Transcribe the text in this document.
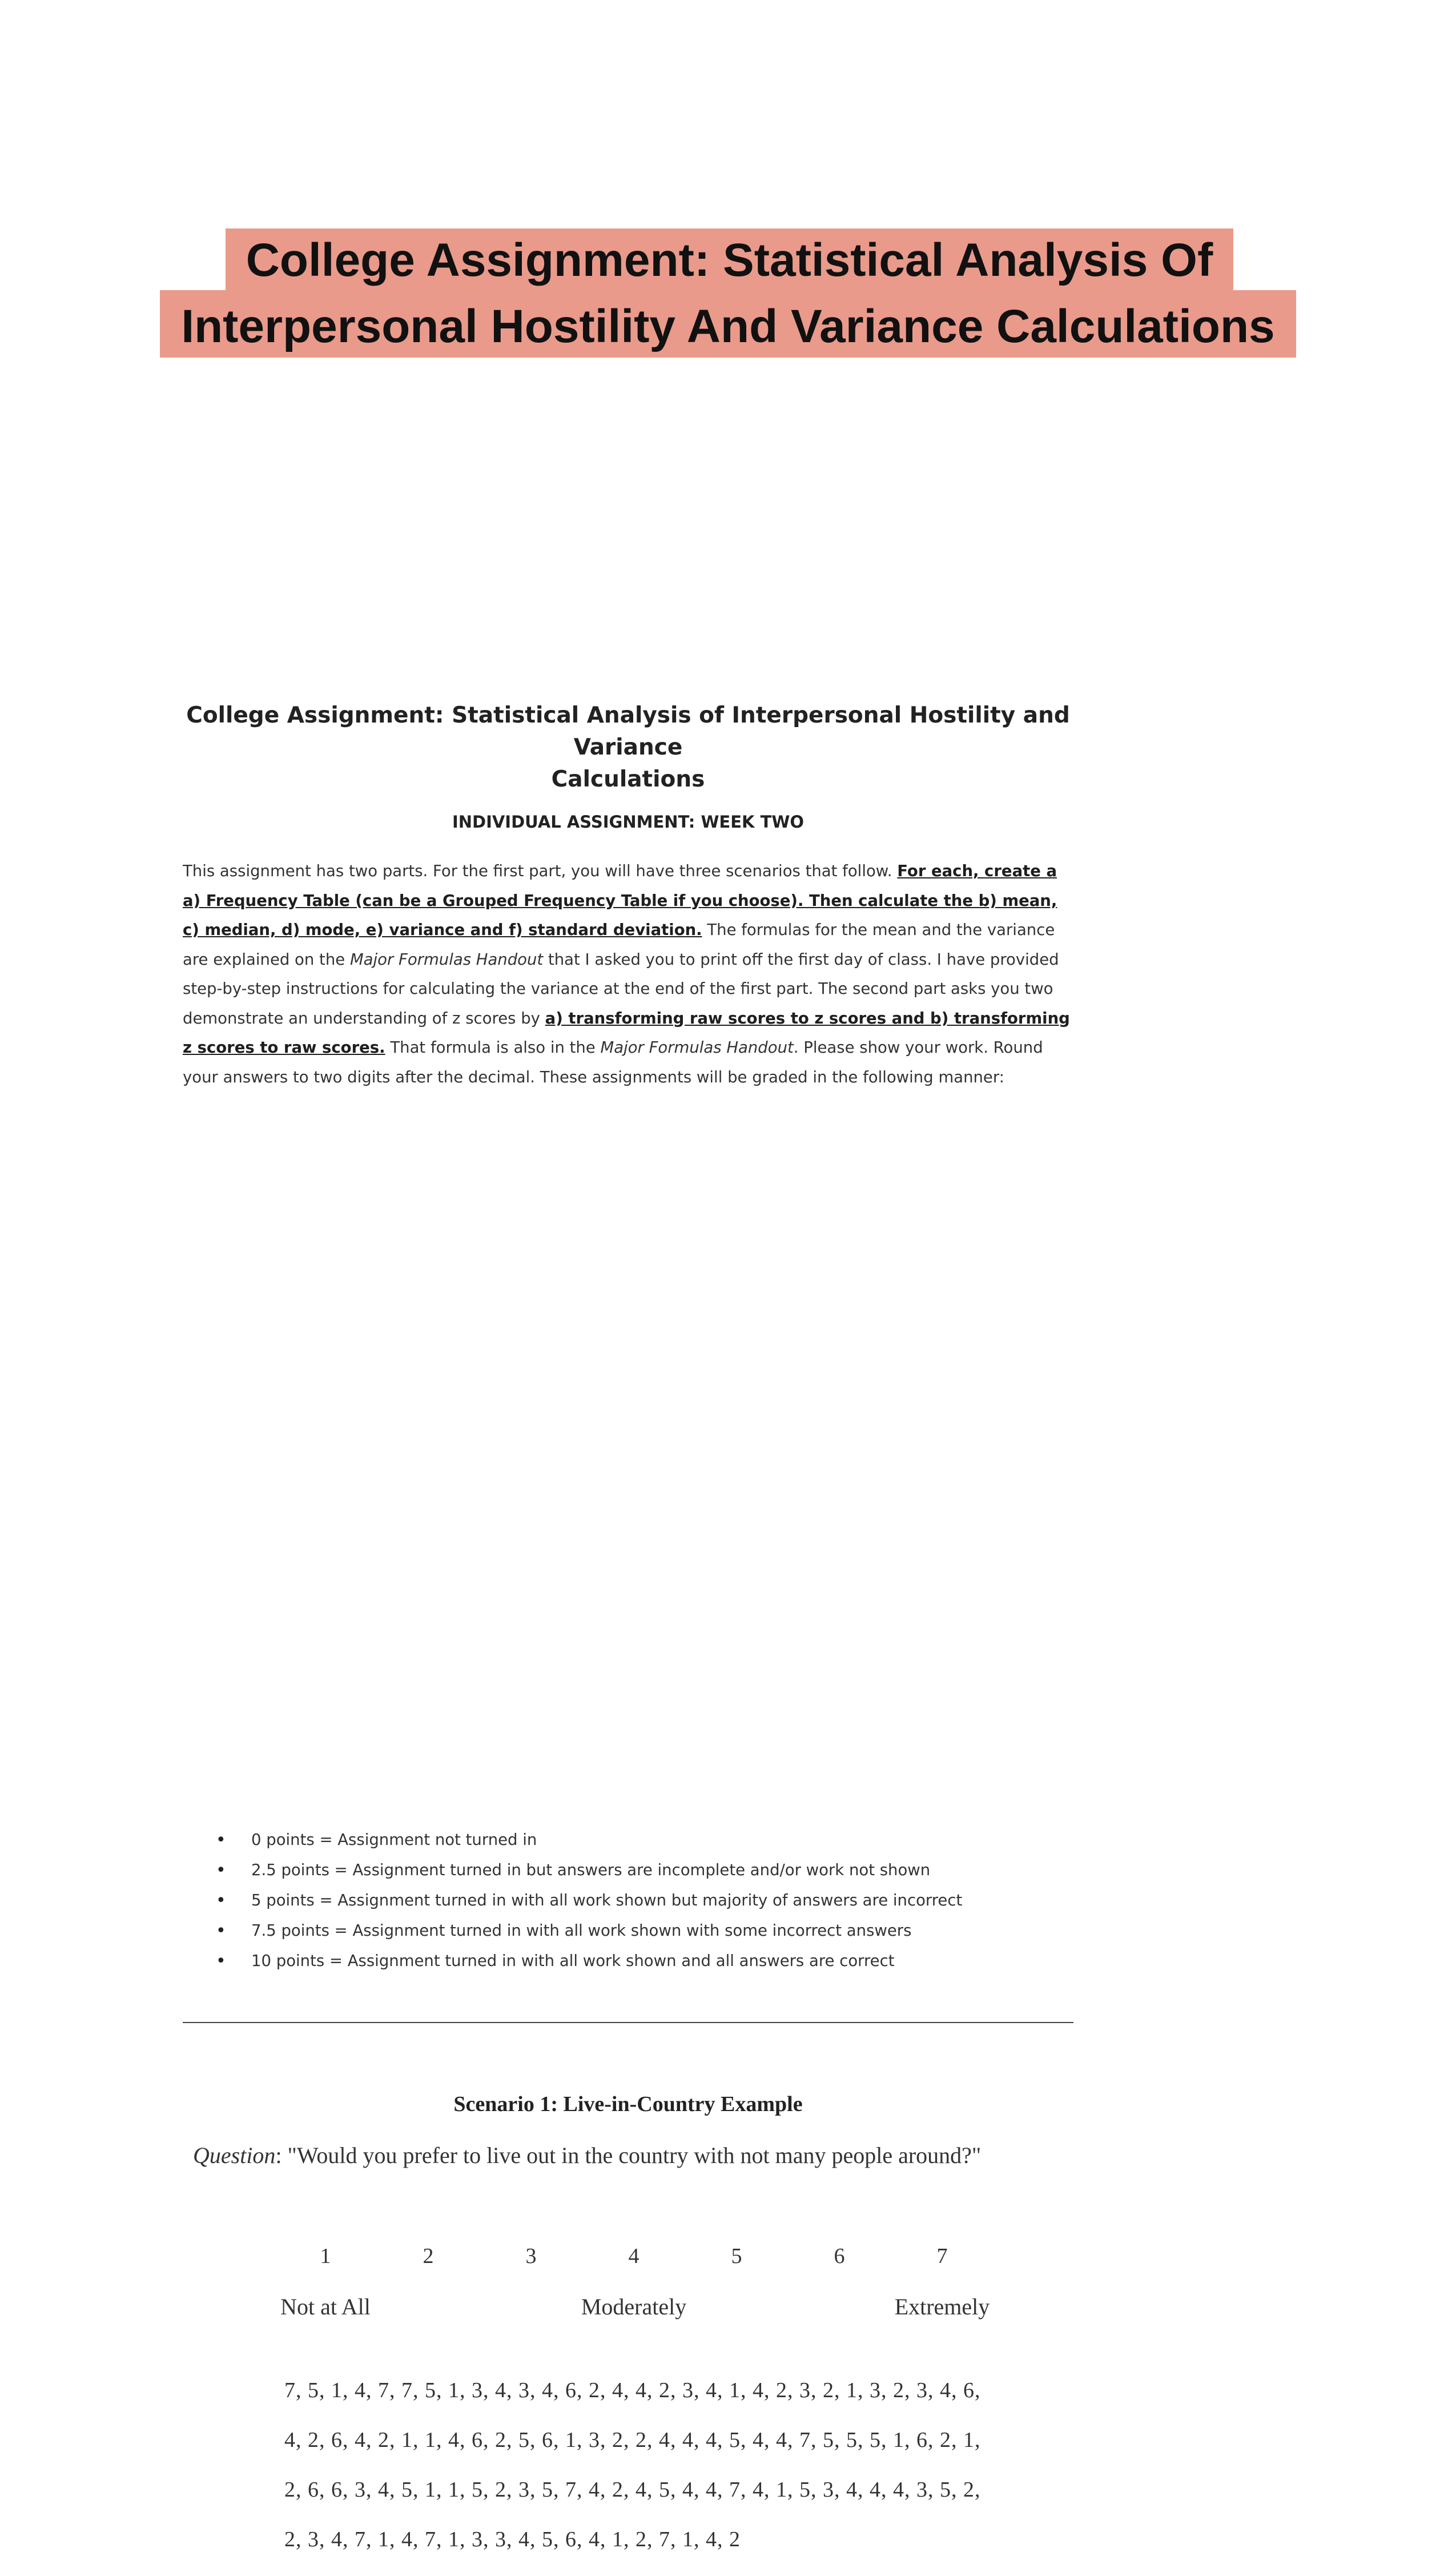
College Assignment: Statistical Analysis Of
Interpersonal Hostility And Variance Calculations
College Assignment: Statistical Analysis of Interpersonal Hostility and Variance
Calculations
INDIVIDUAL ASSIGNMENT: WEEK TWO
This assignment has two parts. For the first part, you will have three scenarios that follow. For each, create a a) Frequency Table (can be a Grouped Frequency Table if you choose). Then calculate the b) mean, c) median, d) mode, e) variance and f) standard deviation. The formulas for the mean and the variance are explained on the Major Formulas Handout that I asked you to print off the first day of class. I have provided step-by-step instructions for calculating the variance at the end of the first part. The second part asks you two demonstrate an understanding of z scores by a) transforming raw scores to z scores and b) transforming z scores to raw scores. That formula is also in the Major Formulas Handout. Please show your work. Round your answers to two digits after the decimal. These assignments will be graded in the following manner:
• 0 points = Assignment not turned in
• 2.5 points = Assignment turned in but answers are incomplete and/or work not shown
• 5 points = Assignment turned in with all work shown but majority of answers are incorrect
• 7.5 points = Assignment turned in with all work shown with some incorrect answers
• 10 points = Assignment turned in with all work shown and all answers are correct
Scenario 1: Live-in-Country Example
Question: "Would you prefer to live out in the country with not many people around?"
1	2	3	4	5	6	7
Not at All	Moderately	Extremely
7, 5, 1, 4, 7, 7, 5, 1, 3, 4, 3, 4, 6, 2, 4, 4, 2, 3, 4, 1, 4, 2, 3, 2, 1, 3, 2, 3, 4, 6,
4, 2, 6, 4, 2, 1, 1, 4, 6, 2, 5, 6, 1, 3, 2, 2, 4, 4, 4, 5, 4, 4, 7, 5, 5, 5, 1, 6, 2, 1,
2, 6, 6, 3, 4, 5, 1, 1, 5, 2, 3, 5, 7, 4, 2, 4, 5, 4, 4, 7, 4, 1, 5, 3, 4, 4, 4, 3, 5, 2,
2, 3, 4, 7, 1, 4, 7, 1, 3, 3, 4, 5, 6, 4, 1, 2, 7, 1, 4, 2
